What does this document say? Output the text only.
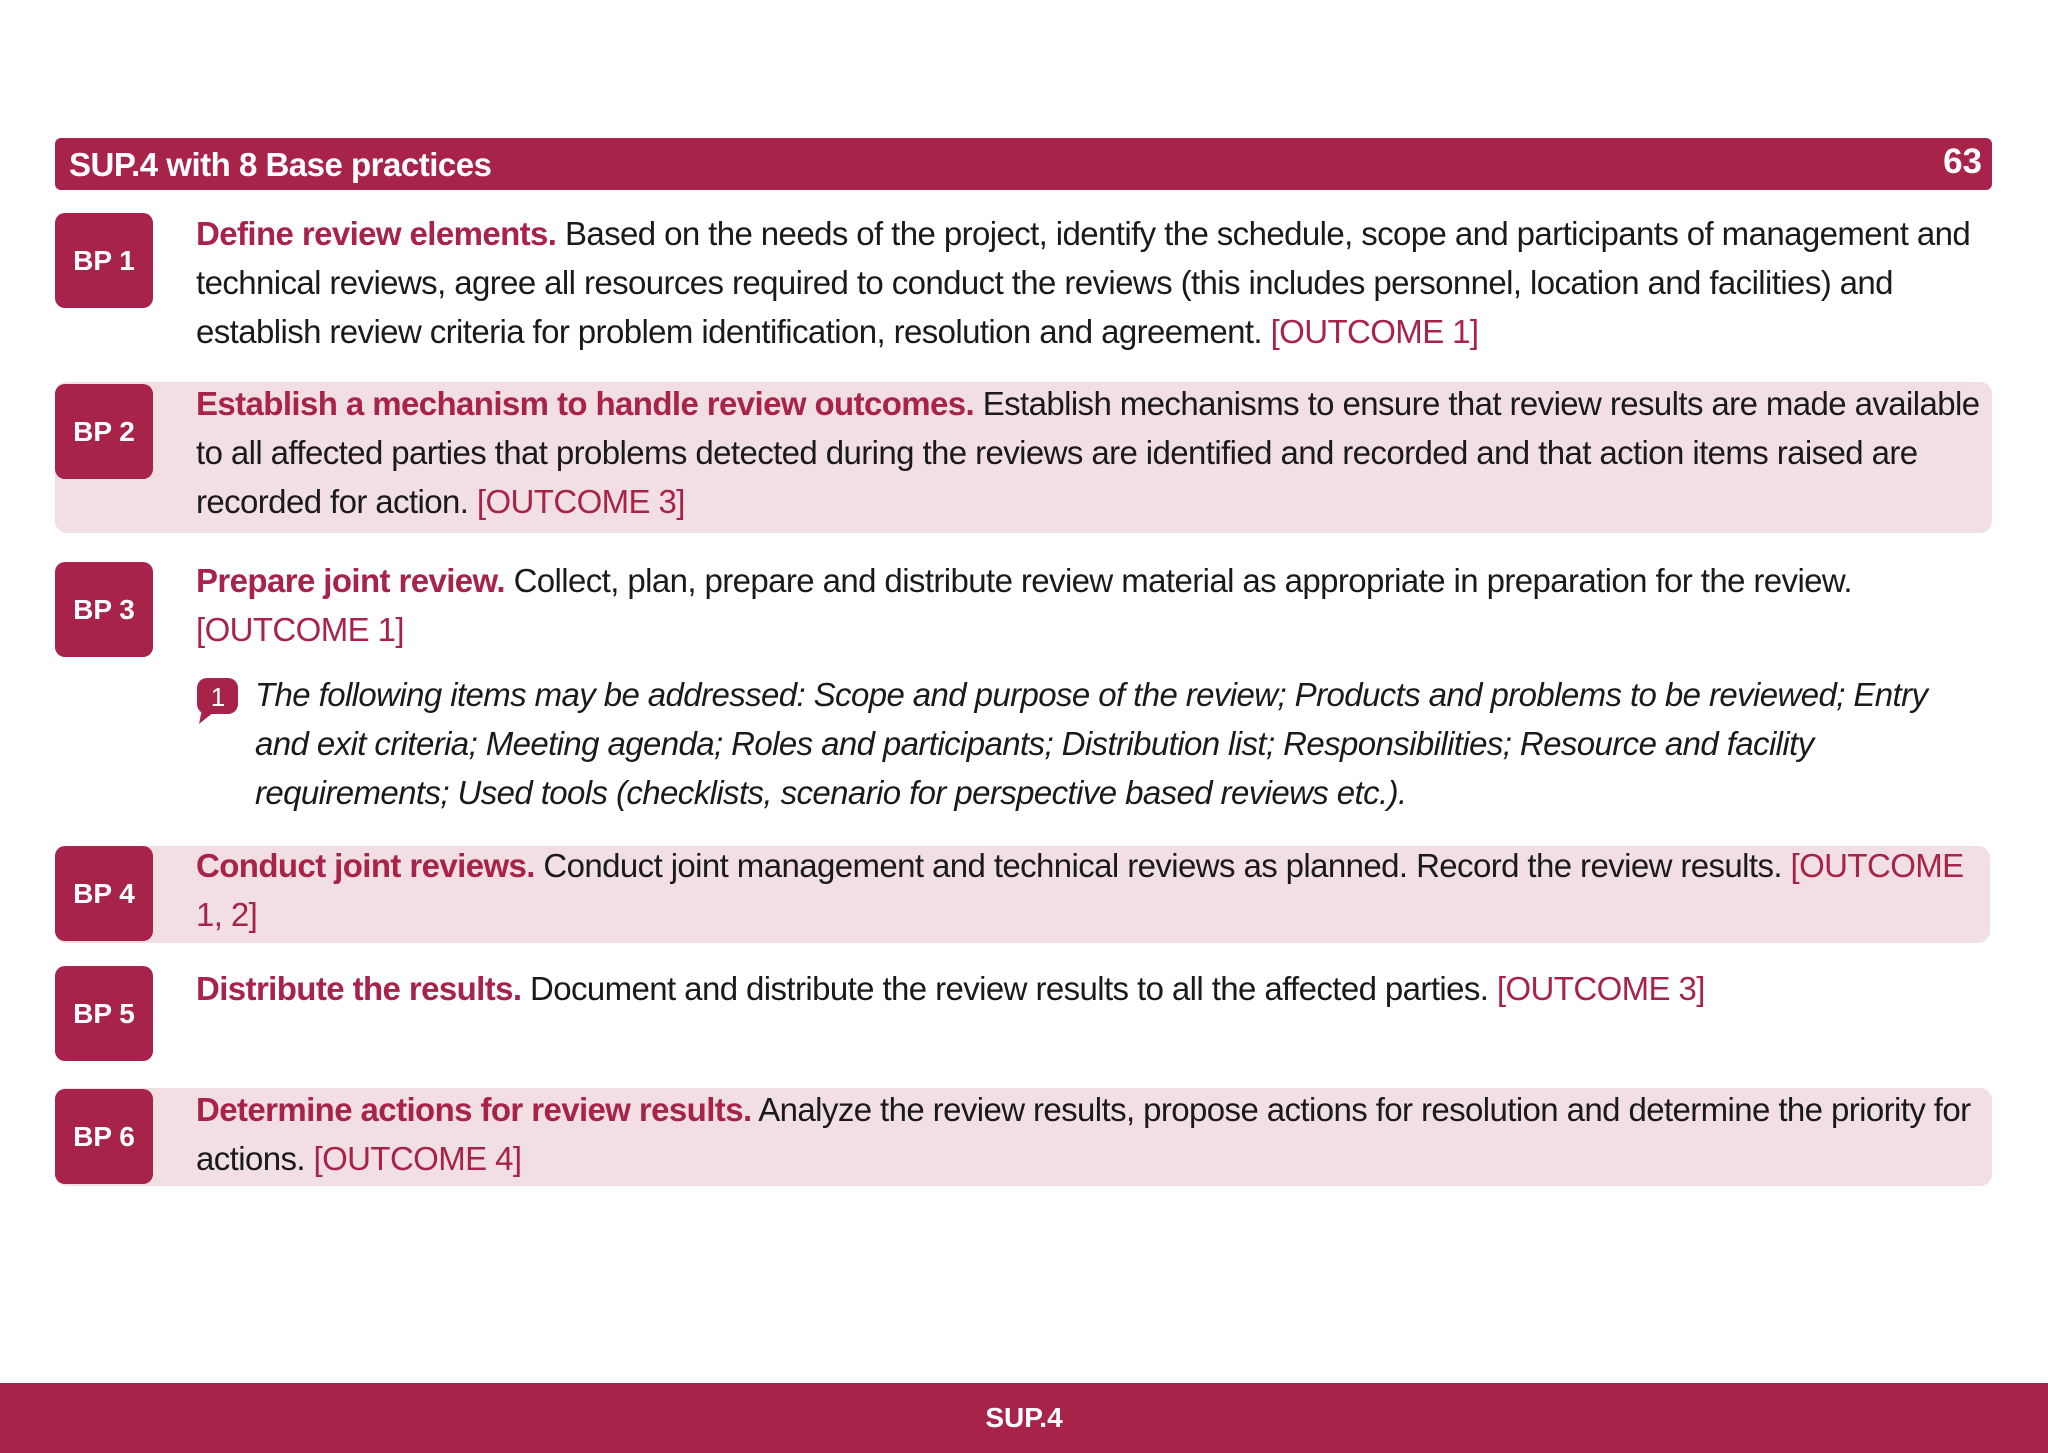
SUP.4 with 8 Base practices	63
BP 1
Define review elements. Based on the needs of the project, identify the schedule, scope and participants of management and technical reviews, agree all resources required to conduct the reviews (this includes personnel, location and facilities) and establish review criteria for problem identification, resolution and agreement. [OUTCOME 1]
BP 2
Establish a mechanism to handle review outcomes. Establish mechanisms to ensure that review results are made available to all affected parties that problems detected during the reviews are identified and recorded and that action items raised are recorded for action. [OUTCOME 3]
BP 3
Prepare joint review. Collect, plan, prepare and distribute review material as appropriate in preparation for the review. [OUTCOME 1]
1 The following items may be addressed: Scope and purpose of the review; Products and problems to be reviewed; Entry and exit criteria; Meeting agenda; Roles and participants; Distribution list; Responsibilities; Resource and facility requirements; Used tools (checklists, scenario for perspective based reviews etc.).
BP 4
Conduct joint reviews. Conduct joint management and technical reviews as planned. Record the review results. [OUTCOME 1, 2]
BP 5
Distribute the results. Document and distribute the review results to all the affected parties. [OUTCOME 3]
BP 6
Determine actions for review results. Analyze the review results, propose actions for resolution and determine the priority for actions. [OUTCOME 4]
SUP.4
